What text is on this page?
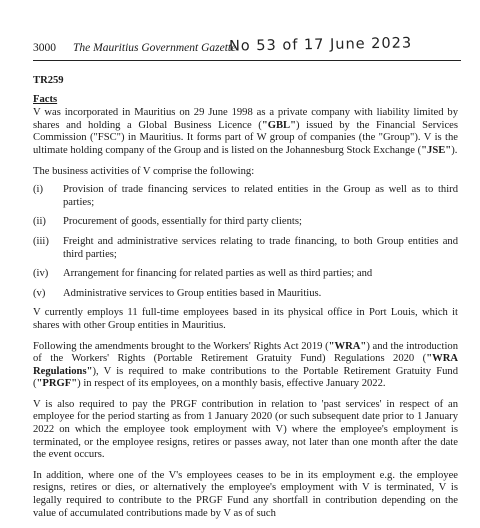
3000 The Mauritius Government Gazette
No 53 of 17 June 2023
TR259
Facts

V was incorporated in Mauritius on 29 June 1998 as a private company with liability limited by shares and holding a Global Business Licence ("GBL") issued by the Financial Services Commission ("FSC") in Mauritius. It forms part of W group of companies (the "Group"). V is the ultimate holding company of the Group and is listed on the Johannesburg Stock Exchange ("JSE").

The business activities of V comprise the following:

(i)	Provision of trade financing services to related entities in the Group as well as to third parties;
(ii)	Procurement of goods, essentially for third party clients;
(iii)	Freight and administrative services relating to trade financing, to both Group entities and third parties;
(iv)	Arrangement for financing for related parties as well as third parties; and
(v)	Administrative services to Group entities based in Mauritius.

V currently employs 11 full-time employees based in its physical office in Port Louis, which it shares with other Group entities in Mauritius.

Following the amendments brought to the Workers' Rights Act 2019 ("WRA") and the introduction of the Workers' Rights (Portable Retirement Gratuity Fund) Regulations 2020 ("WRA Regulations"), V is required to make contributions to the Portable Retirement Gratuity Fund ("PRGF") in respect of its employees, on a monthly basis, effective January 2022.

V is also required to pay the PRGF contribution in relation to 'past services' in respect of an employee for the period starting as from 1 January 2020 (or such subsequent date prior to 1 January 2022 on which the employee took employment with V) where the employee's employment is terminated, or the employee resigns, retires or passes away, not later than one month after the date the event occurs.

In addition, where one of the V's employees ceases to be in its employment e.g. the employee resigns, retires or dies, or alternatively the employee's employment with V is terminated, V is legally required to contribute to the PRGF Fund any shortfall in contribution depending on the value of accumulated contributions made by V as of such
